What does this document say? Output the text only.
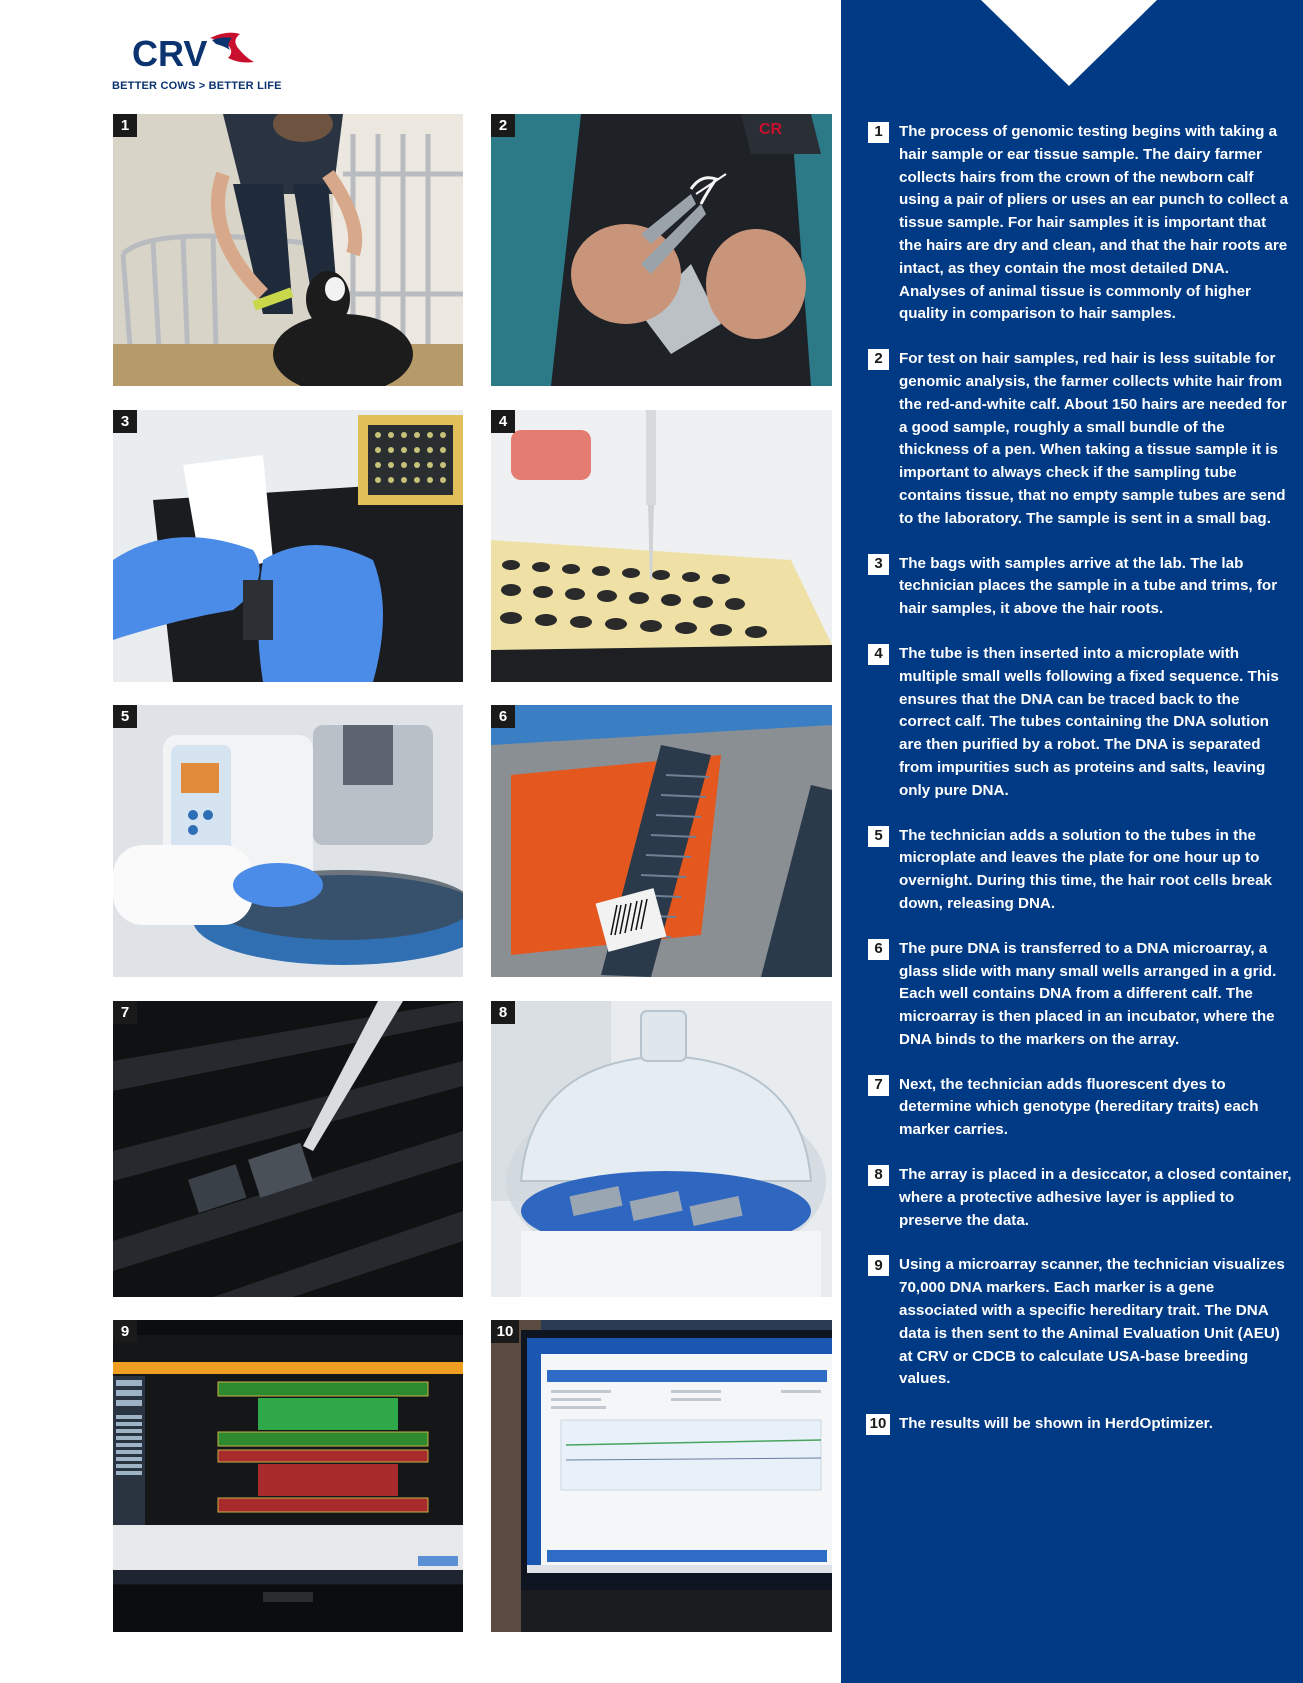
CRV
BETTER COWS > BETTER LIFE
1	CR
2
3	4
5	6
7	8
9	10
1	The process of genomic testing begins with taking a hair sample or ear tissue sample. The dairy farmer collects hairs from the crown of the newborn calf using a pair of pliers or uses an ear punch to collect a tissue sample. For hair samples it is important that the hairs are dry and clean, and that the hair roots are intact, as they contain the most detailed DNA. Analyses of animal tissue is commonly of higher quality in comparison to hair samples.
2	For test on hair samples, red hair is less suitable for genomic analysis, the farmer collects white hair from the red-and-white calf. About 150 hairs are needed for a good sample, roughly a small bundle of the thickness of a pen. When taking a tissue sample it is important to always check if the sampling tube contains tissue, that no empty sample tubes are send to the laboratory. The sample is sent in a small bag.
3	The bags with samples arrive at the lab. The lab technician places the sample in a tube and trims, for hair samples, it above the hair roots.
4	The tube is then inserted into a microplate with multiple small wells following a fixed sequence. This ensures that the DNA can be traced back to the correct calf. The tubes containing the DNA solution are then purified by a robot. The DNA is separated from impurities such as proteins and salts, leaving only pure DNA.
5	The technician adds a solution to the tubes in the microplate and leaves the plate for one hour up to overnight. During this time, the hair root cells break down, releasing DNA.
6	The pure DNA is transferred to a DNA microarray, a glass slide with many small wells arranged in a grid. Each well contains DNA from a different calf. The microarray is then placed in an incubator, where the DNA binds to the markers on the array.
7	Next, the technician adds fluorescent dyes to determine which genotype (hereditary traits) each marker carries.
8	The array is placed in a desiccator, a closed container, where a protective adhesive layer is applied to preserve the data.
9	Using a microarray scanner, the technician visualizes 70,000 DNA markers. Each marker is a gene associated with a specific hereditary trait. The DNA data is then sent to the Animal Evaluation Unit (AEU) at CRV or CDCB to calculate USA-base breeding values.
10 The results will be shown in HerdOptimizer.
